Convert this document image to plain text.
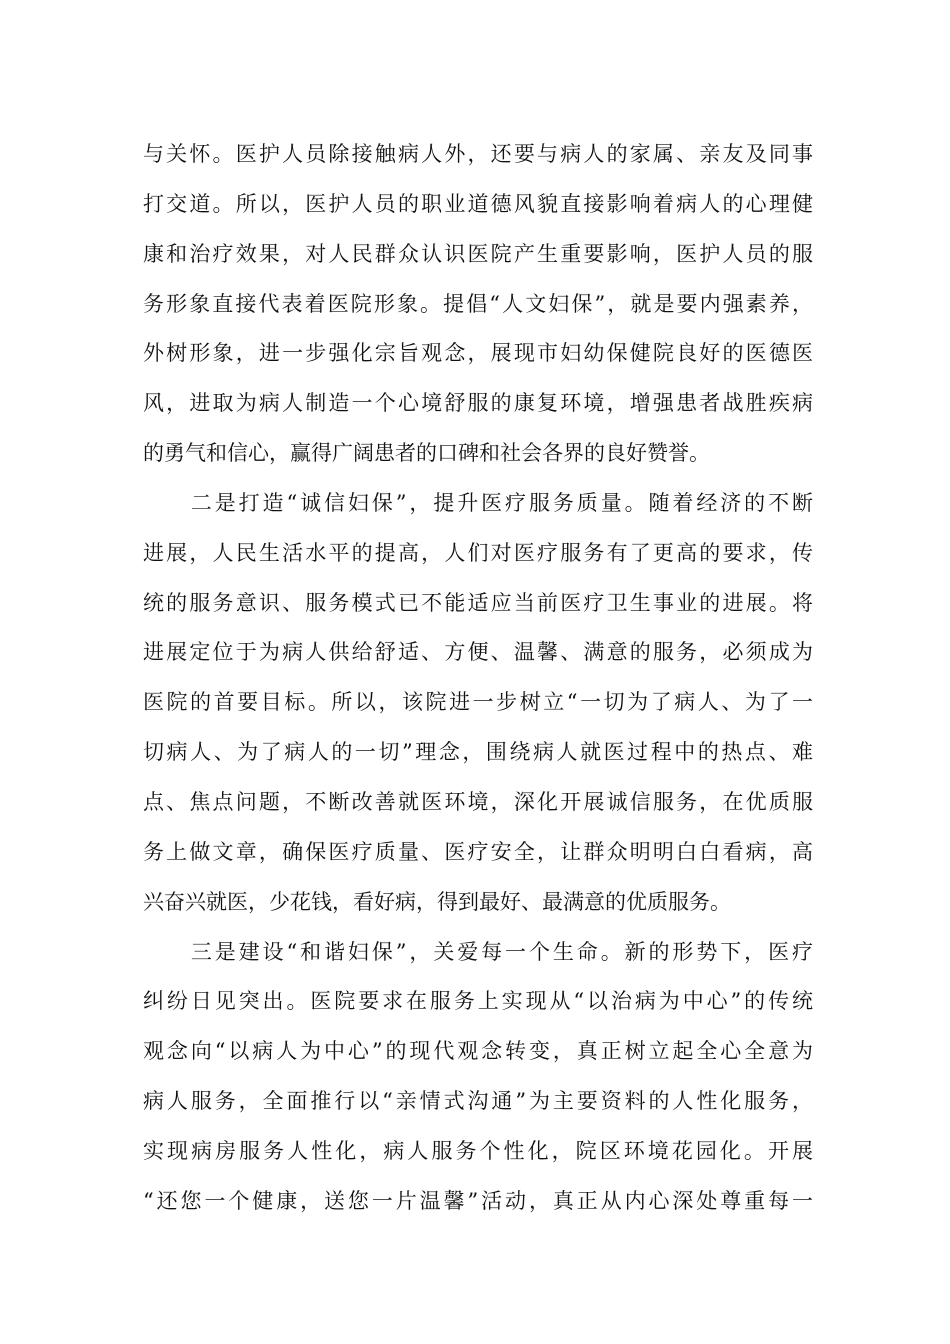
与关怀。医护人员除接触病人外，还要与病人的家属、亲友及同事
打交道。所以，医护人员的职业道德风貌直接影响着病人的心理健
康和治疗效果，对人民群众认识医院产生重要影响，医护人员的服
务形象直接代表着医院形象。提倡“人文妇保”，就是要内强素养，
外树形象，进一步强化宗旨观念，展现市妇幼保健院良好的医德医
风，进取为病人制造一个心境舒服的康复环境，增强患者战胜疾病
的勇气和信心，赢得广阔患者的口碑和社会各界的良好赞誉。
　　二是打造“诚信妇保”，提升医疗服务质量。随着经济的不断
进展，人民生活水平的提高，人们对医疗服务有了更高的要求，传
统的服务意识、服务模式已不能适应当前医疗卫生事业的进展。将
进展定位于为病人供给舒适、方便、温馨、满意的服务，必须成为
医院的首要目标。所以，该院进一步树立“一切为了病人、为了一
切病人、为了病人的一切”理念，围绕病人就医过程中的热点、难
点、焦点问题，不断改善就医环境，深化开展诚信服务，在优质服
务上做文章，确保医疗质量、医疗安全，让群众明明白白看病，高
兴奋兴就医，少花钱，看好病，得到最好、最满意的优质服务。
　　三是建设“和谐妇保”，关爱每一个生命。新的形势下，医疗
纠纷日见突出。医院要求在服务上实现从“以治病为中心”的传统
观念向“以病人为中心”的现代观念转变，真正树立起全心全意为
病人服务，全面推行以“亲情式沟通”为主要资料的人性化服务，
实现病房服务人性化，病人服务个性化，院区环境花园化。开展
“还您一个健康，送您一片温馨”活动，真正从内心深处尊重每一
